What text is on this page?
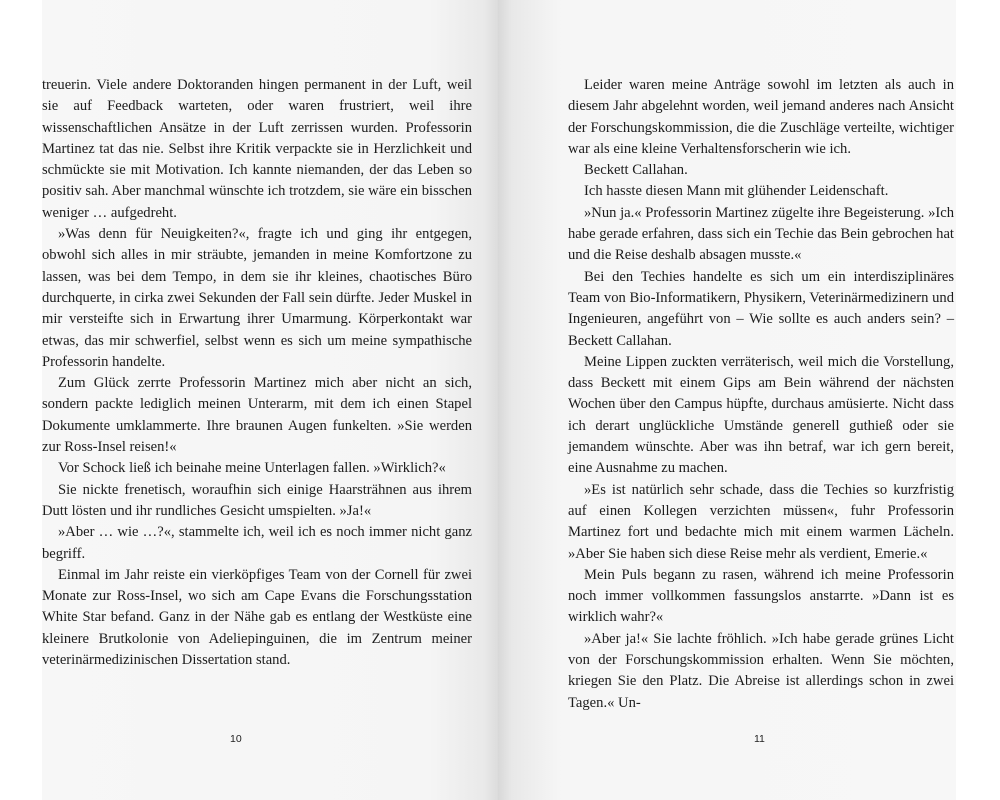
treuerin. Viele andere Doktoranden hingen permanent in der Luft, weil sie auf Feedback warteten, oder waren frustriert, weil ihre wissenschaftlichen Ansätze in der Luft zerrissen wurden. Professorin Martinez tat das nie. Selbst ihre Kritik verpackte sie in Herzlichkeit und schmückte sie mit Motivation. Ich kannte niemanden, der das Leben so positiv sah. Aber manchmal wünschte ich trotzdem, sie wäre ein bisschen weniger … aufgedreht.

»Was denn für Neuigkeiten?«, fragte ich und ging ihr entgegen, obwohl sich alles in mir sträubte, jemanden in meine Komfortzone zu lassen, was bei dem Tempo, in dem sie ihr kleines, chaotisches Büro durchquerte, in cirka zwei Sekunden der Fall sein dürfte. Jeder Muskel in mir versteifte sich in Erwartung ihrer Umarmung. Körperkontakt war etwas, das mir schwerfiel, selbst wenn es sich um meine sympathische Professorin handelte.

Zum Glück zerrte Professorin Martinez mich aber nicht an sich, sondern packte lediglich meinen Unterarm, mit dem ich einen Stapel Dokumente umklammerte. Ihre braunen Augen funkelten. »Sie werden zur Ross-Insel reisen!«

Vor Schock ließ ich beinahe meine Unterlagen fallen. »Wirklich?«

Sie nickte frenetisch, woraufhin sich einige Haarsträhnen aus ihrem Dutt lösten und ihr rundliches Gesicht umspielten. »Ja!«

»Aber … wie …?«, stammelte ich, weil ich es noch immer nicht ganz begriff.

Einmal im Jahr reiste ein vierköpfiges Team von der Cornell für zwei Monate zur Ross-Insel, wo sich am Cape Evans die Forschungsstation White Star befand. Ganz in der Nähe gab es entlang der Westküste eine kleinere Brutkolonie von Adeliepinguinen, die im Zentrum meiner veterinärmedizinischen Dissertation stand.

10

Leider waren meine Anträge sowohl im letzten als auch in diesem Jahr abgelehnt worden, weil jemand anderes nach Ansicht der Forschungskommission, die die Zuschläge verteilte, wichtiger war als eine kleine Verhaltensforscherin wie ich.

Beckett Callahan.

Ich hasste diesen Mann mit glühender Leidenschaft.

»Nun ja.« Professorin Martinez zügelte ihre Begeisterung. »Ich habe gerade erfahren, dass sich ein Techie das Bein gebrochen hat und die Reise deshalb absagen musste.«

Bei den Techies handelte es sich um ein interdisziplinäres Team von Bio-Informatikern, Physikern, Veterinärmedizinern und Ingenieuren, angeführt von – Wie sollte es auch anders sein? – Beckett Callahan.

Meine Lippen zuckten verräterisch, weil mich die Vorstellung, dass Beckett mit einem Gips am Bein während der nächsten Wochen über den Campus hüpfte, durchaus amüsierte. Nicht dass ich derart unglückliche Umstände generell guthieß oder sie jemandem wünschte. Aber was ihn betraf, war ich gern bereit, eine Ausnahme zu machen.

»Es ist natürlich sehr schade, dass die Techies so kurzfristig auf einen Kollegen verzichten müssen«, fuhr Professorin Martinez fort und bedachte mich mit einem warmen Lächeln. »Aber Sie haben sich diese Reise mehr als verdient, Emerie.«

Mein Puls begann zu rasen, während ich meine Professorin noch immer vollkommen fassungslos anstarrte. »Dann ist es wirklich wahr?«

»Aber ja!« Sie lachte fröhlich. »Ich habe gerade grünes Licht von der Forschungskommission erhalten. Wenn Sie möchten, kriegen Sie den Platz. Die Abreise ist allerdings schon in zwei Tagen.« Un-

11
